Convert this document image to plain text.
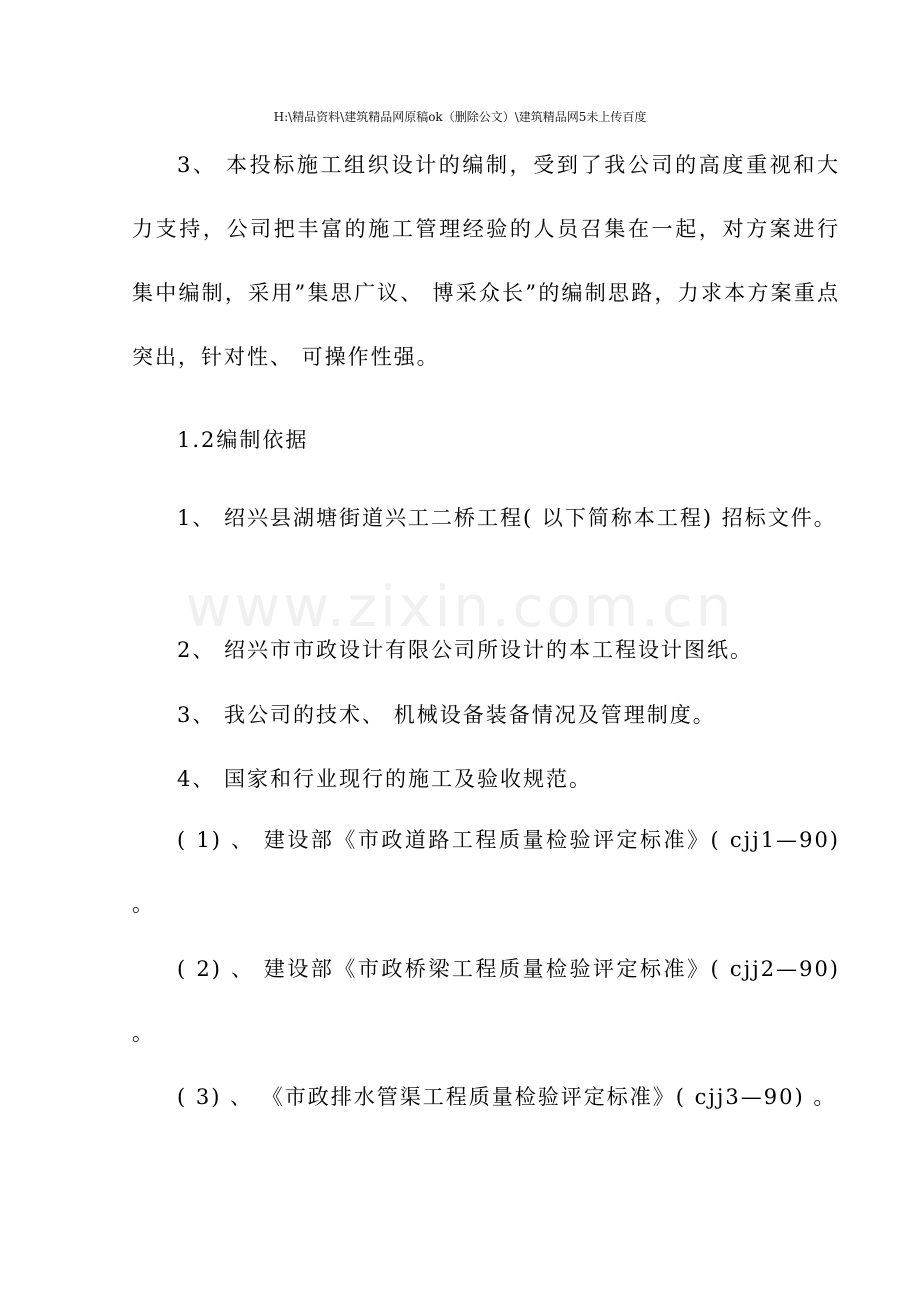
www.zixin.com.cn
H:\精品资料\建筑精品网原稿ok（删除公文）\建筑精品网5未上传百度

3、 本投标施工组织设计的编制，受到了我公司的高度重视和大力支持，公司把丰富的施工管理经验的人员召集在一起，对方案进行集中编制，采用”集思广议、 博采众长”的编制思路，力求本方案重点突出，针对性、 可操作性强。

1.2编制依据

1、 绍兴县湖塘街道兴工二桥工程( 以下简称本工程) 招标文件。

2、 绍兴市市政设计有限公司所设计的本工程设计图纸。

3、 我公司的技术、 机械设备装备情况及管理制度。

4、 国家和行业现行的施工及验收规范。

( 1) 、 建设部《市政道路工程质量检验评定标准》( cjj1—90) 。

( 2) 、 建设部《市政桥梁工程质量检验评定标准》( cjj2—90) 。

( 3) 、 《市政排水管渠工程质量检验评定标准》( cjj3—90) 。
